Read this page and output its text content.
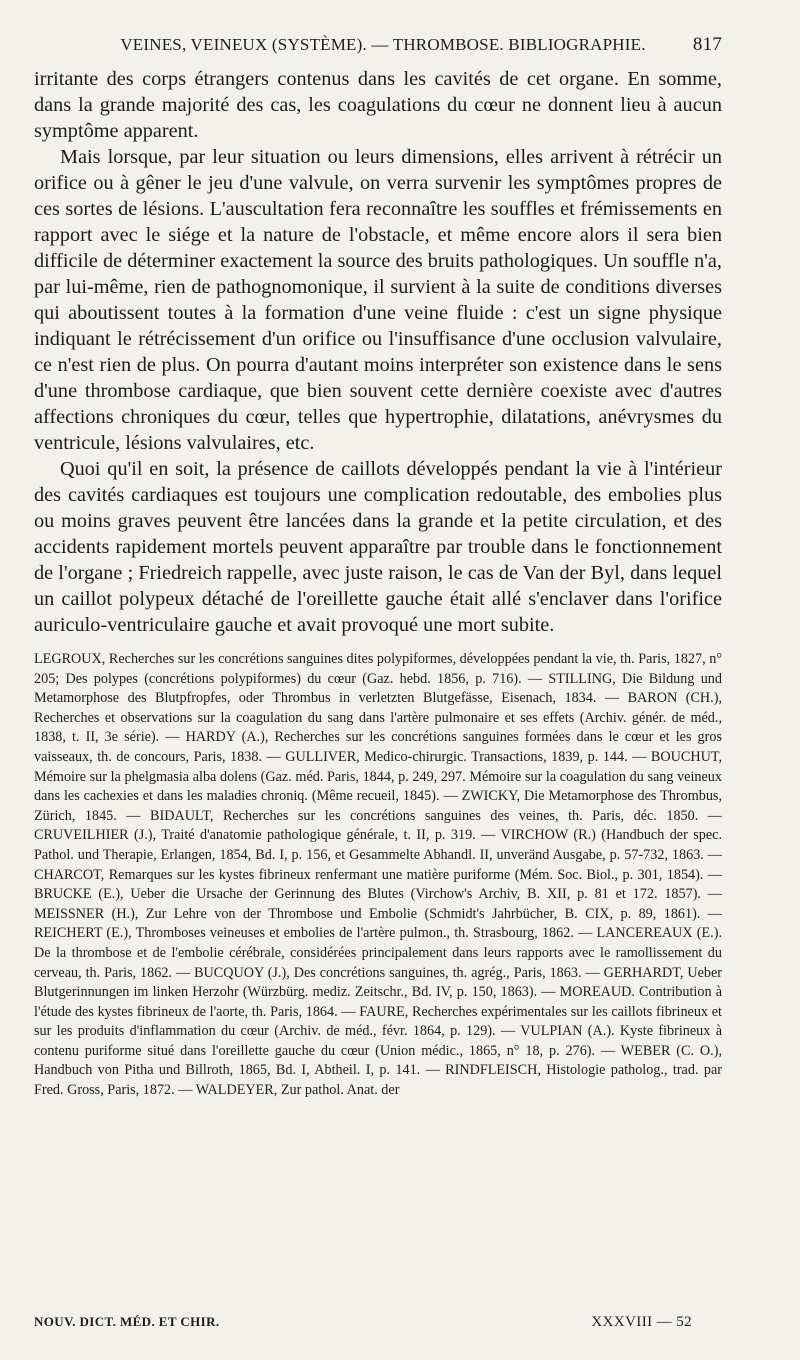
VEINES, VEINEUX (SYSTÈME). — THROMBOSE. BIBLIOGRAPHIE.	817

irritante des corps étrangers contenus dans les cavités de cet organe. En somme, dans la grande majorité des cas, les coagulations du cœur ne donnent lieu à aucun symptôme apparent.

Mais lorsque, par leur situation ou leurs dimensions, elles arrivent à rétrécir un orifice ou à gêner le jeu d'une valvule, on verra survenir les symptômes propres de ces sortes de lésions. L'auscultation fera reconnaître les souffles et frémissements en rapport avec le siége et la nature de l'obstacle, et même encore alors il sera bien difficile de déterminer exactement la source des bruits pathologiques. Un souffle n'a, par lui-même, rien de pathognomonique, il survient à la suite de conditions diverses qui aboutissent toutes à la formation d'une veine fluide : c'est un signe physique indiquant le rétrécissement d'un orifice ou l'insuffisance d'une occlusion valvulaire, ce n'est rien de plus. On pourra d'autant moins interpréter son existence dans le sens d'une thrombose cardiaque, que bien souvent cette dernière coexiste avec d'autres affections chroniques du cœur, telles que hypertrophie, dilatations, anévrysmes du ventricule, lésions valvulaires, etc.

Quoi qu'il en soit, la présence de caillots développés pendant la vie à l'intérieur des cavités cardiaques est toujours une complication redoutable, des embolies plus ou moins graves peuvent être lancées dans la grande et la petite circulation, et des accidents rapidement mortels peuvent apparaître par trouble dans le fonctionnement de l'organe ; Friedreich rappelle, avec juste raison, le cas de Van der Byl, dans lequel un caillot polypeux détaché de l'oreillette gauche était allé s'enclaver dans l'orifice auriculo-ventriculaire gauche et avait provoqué une mort subite.

LEGROUX, Recherches sur les concrétions sanguines dites polypiformes, développées pendant la vie, th. Paris, 1827, n° 205; Des polypes (concrétions polypiformes) du cœur (Gaz. hebd. 1856, p. 716). — STILLING, Die Bildung und Metamorphose des Blutpfropfes, oder Thrombus in verletzten Blutgefässe, Eisenach, 1834. — BARON (CH.), Recherches et observations sur la coagulation du sang dans l'artère pulmonaire et ses effets (Archiv. génér. de méd., 1838, t. II, 3e série). — HARDY (A.), Recherches sur les concrétions sanguines formées dans le cœur et les gros vaisseaux, th. de concours, Paris, 1838. — GULLIVER, Medico-chirurgic. Transactions, 1839, p. 144. — BOUCHUT, Mémoire sur la phelgmasia alba dolens (Gaz. méd. Paris, 1844, p. 249, 297. Mémoire sur la coagulation du sang veineux dans les cachexies et dans les maladies chroniq. (Même recueil, 1845). — ZWICKY, Die Metamorphose des Thrombus, Zürich, 1845. — BIDAULT, Recherches sur les concrétions sanguines des veines, th. Paris, déc. 1850. — CRUVEILHIER (J.), Traité d'anatomie pathologique générale, t. II, p. 319. — VIRCHOW (R.) (Handbuch der spec. Pathol. und Therapie, Erlangen, 1854, Bd. I, p. 156, et Gesammelte Abhandl. II, unveränd Ausgabe, p. 57-732, 1863. — CHARCOT, Remarques sur les kystes fibrineux renfermant une matière puriforme (Mém. Soc. Biol., p. 301, 1854). — BRUCKE (E.), Ueber die Ursache der Gerinnung des Blutes (Virchow's Archiv, B. XII, p. 81 et 172. 1857). — MEISSNER (H.), Zur Lehre von der Thrombose und Embolie (Schmidt's Jahrbücher, B. CIX, p. 89, 1861). — REICHERT (E.), Thromboses veineuses et embolies de l'artère pulmon., th. Strasbourg, 1862. — LANCEREAUX (E.). De la thrombose et de l'embolie cérébrale, considérées principalement dans leurs rapports avec le ramollissement du cerveau, th. Paris, 1862. — BUCQUOY (J.), Des concrétions sanguines, th. agrég., Paris, 1863. — GERHARDT, Ueber Blutgerinnungen im linken Herzohr (Würzbürg. mediz. Zeitschr., Bd. IV, p. 150, 1863). — MOREAUD. Contribution à l'étude des kystes fibrineux de l'aorte, th. Paris, 1864. — FAURE, Recherches expérimentales sur les caillots fibrineux et sur les produits d'inflammation du cœur (Archiv. de méd., févr. 1864, p. 129). — VULPIAN (A.). Kyste fibrineux à contenu puriforme situé dans l'oreillette gauche du cœur (Union médic., 1865, n° 18, p. 276). — WEBER (C. O.), Handbuch von Pitha und Billroth, 1865, Bd. I, Abtheil. I, p. 141. — RINDFLEISCH, Histologie patholog., trad. par Fred. Gross, Paris, 1872. — WALDEYER, Zur pathol. Anat. der

NOUV. DICT. MÉD. ET CHIR.	XXXVIII — 52
